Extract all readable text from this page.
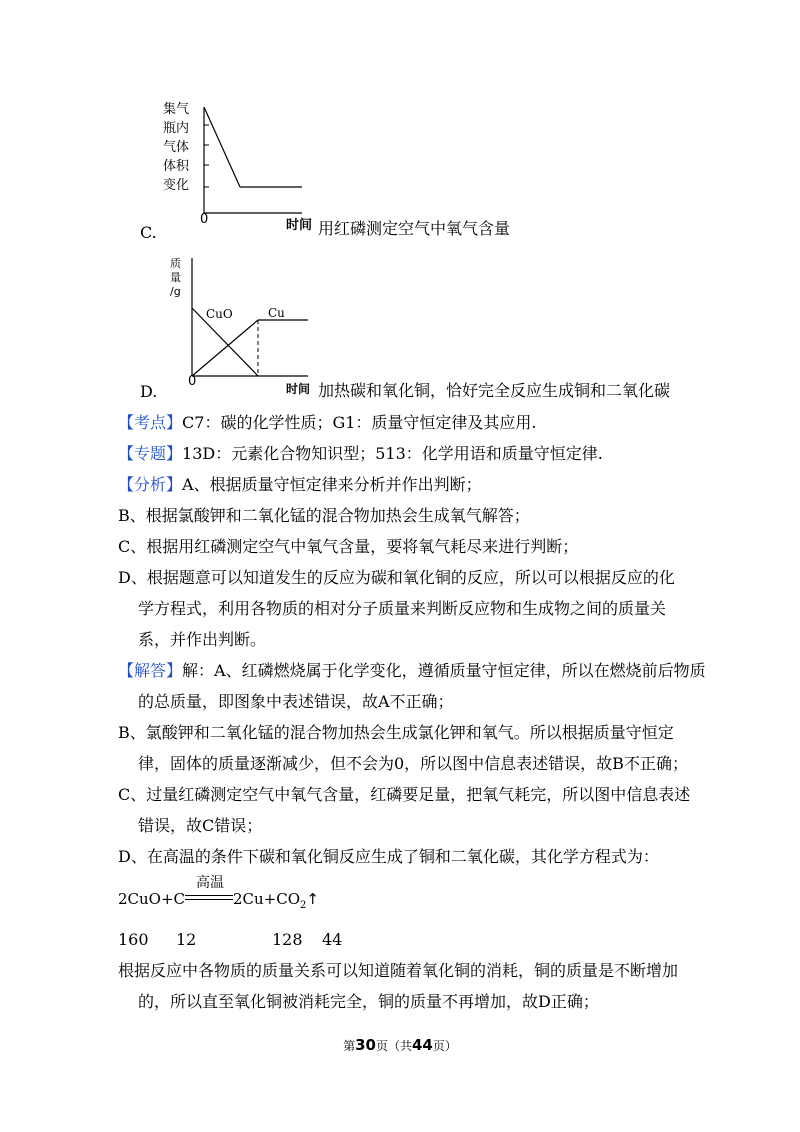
集气
瓶内
气体
体积
变化
0	时间
C.	用红磷测定空气中氧气含量
质
量
/g
CuO	Cu
0	时间
D.	加热碳和氧化铜，恰好完全反应生成铜和二氧化碳
【考点】C7：碳的化学性质；G1：质量守恒定律及其应用.
【专题】13D：元素化合物知识型；513：化学用语和质量守恒定律.
【分析】A、根据质量守恒定律来分析并作出判断；
B、根据氯酸钾和二氧化锰的混合物加热会生成氧气解答；
C、根据用红磷测定空气中氧气含量，要将氧气耗尽来进行判断；
D、根据题意可以知道发生的反应为碳和氧化铜的反应，所以可以根据反应的化
学方程式，利用各物质的相对分子质量来判断反应物和生成物之间的质量关
系，并作出判断。
【解答】解：A、红磷燃烧属于化学变化，遵循质量守恒定律，所以在燃烧前后物质
的总质量，即图象中表述错误，故A不正确；
B、氯酸钾和二氧化锰的混合物加热会生成氯化钾和氧气。所以根据质量守恒定
律，固体的质量逐渐减少，但不会为0，所以图中信息表述错误，故B不正确；
C、过量红磷测定空气中氧气含量，红磷要足量，把氧气耗完，所以图中信息表述
错误，故C错误；
D、在高温的条件下碳和氧化铜反应生成了铜和二氧化碳，其化学方程式为：
2CuO+C
高温
$2Cu+CO_2↑$
160 12	128 44
根据反应中各物质的质量关系可以知道随着氧化铜的消耗，铜的质量是不断增加
的，所以直至氧化铜被消耗完全，铜的质量不再增加，故D正确；
第30页（共44页）
